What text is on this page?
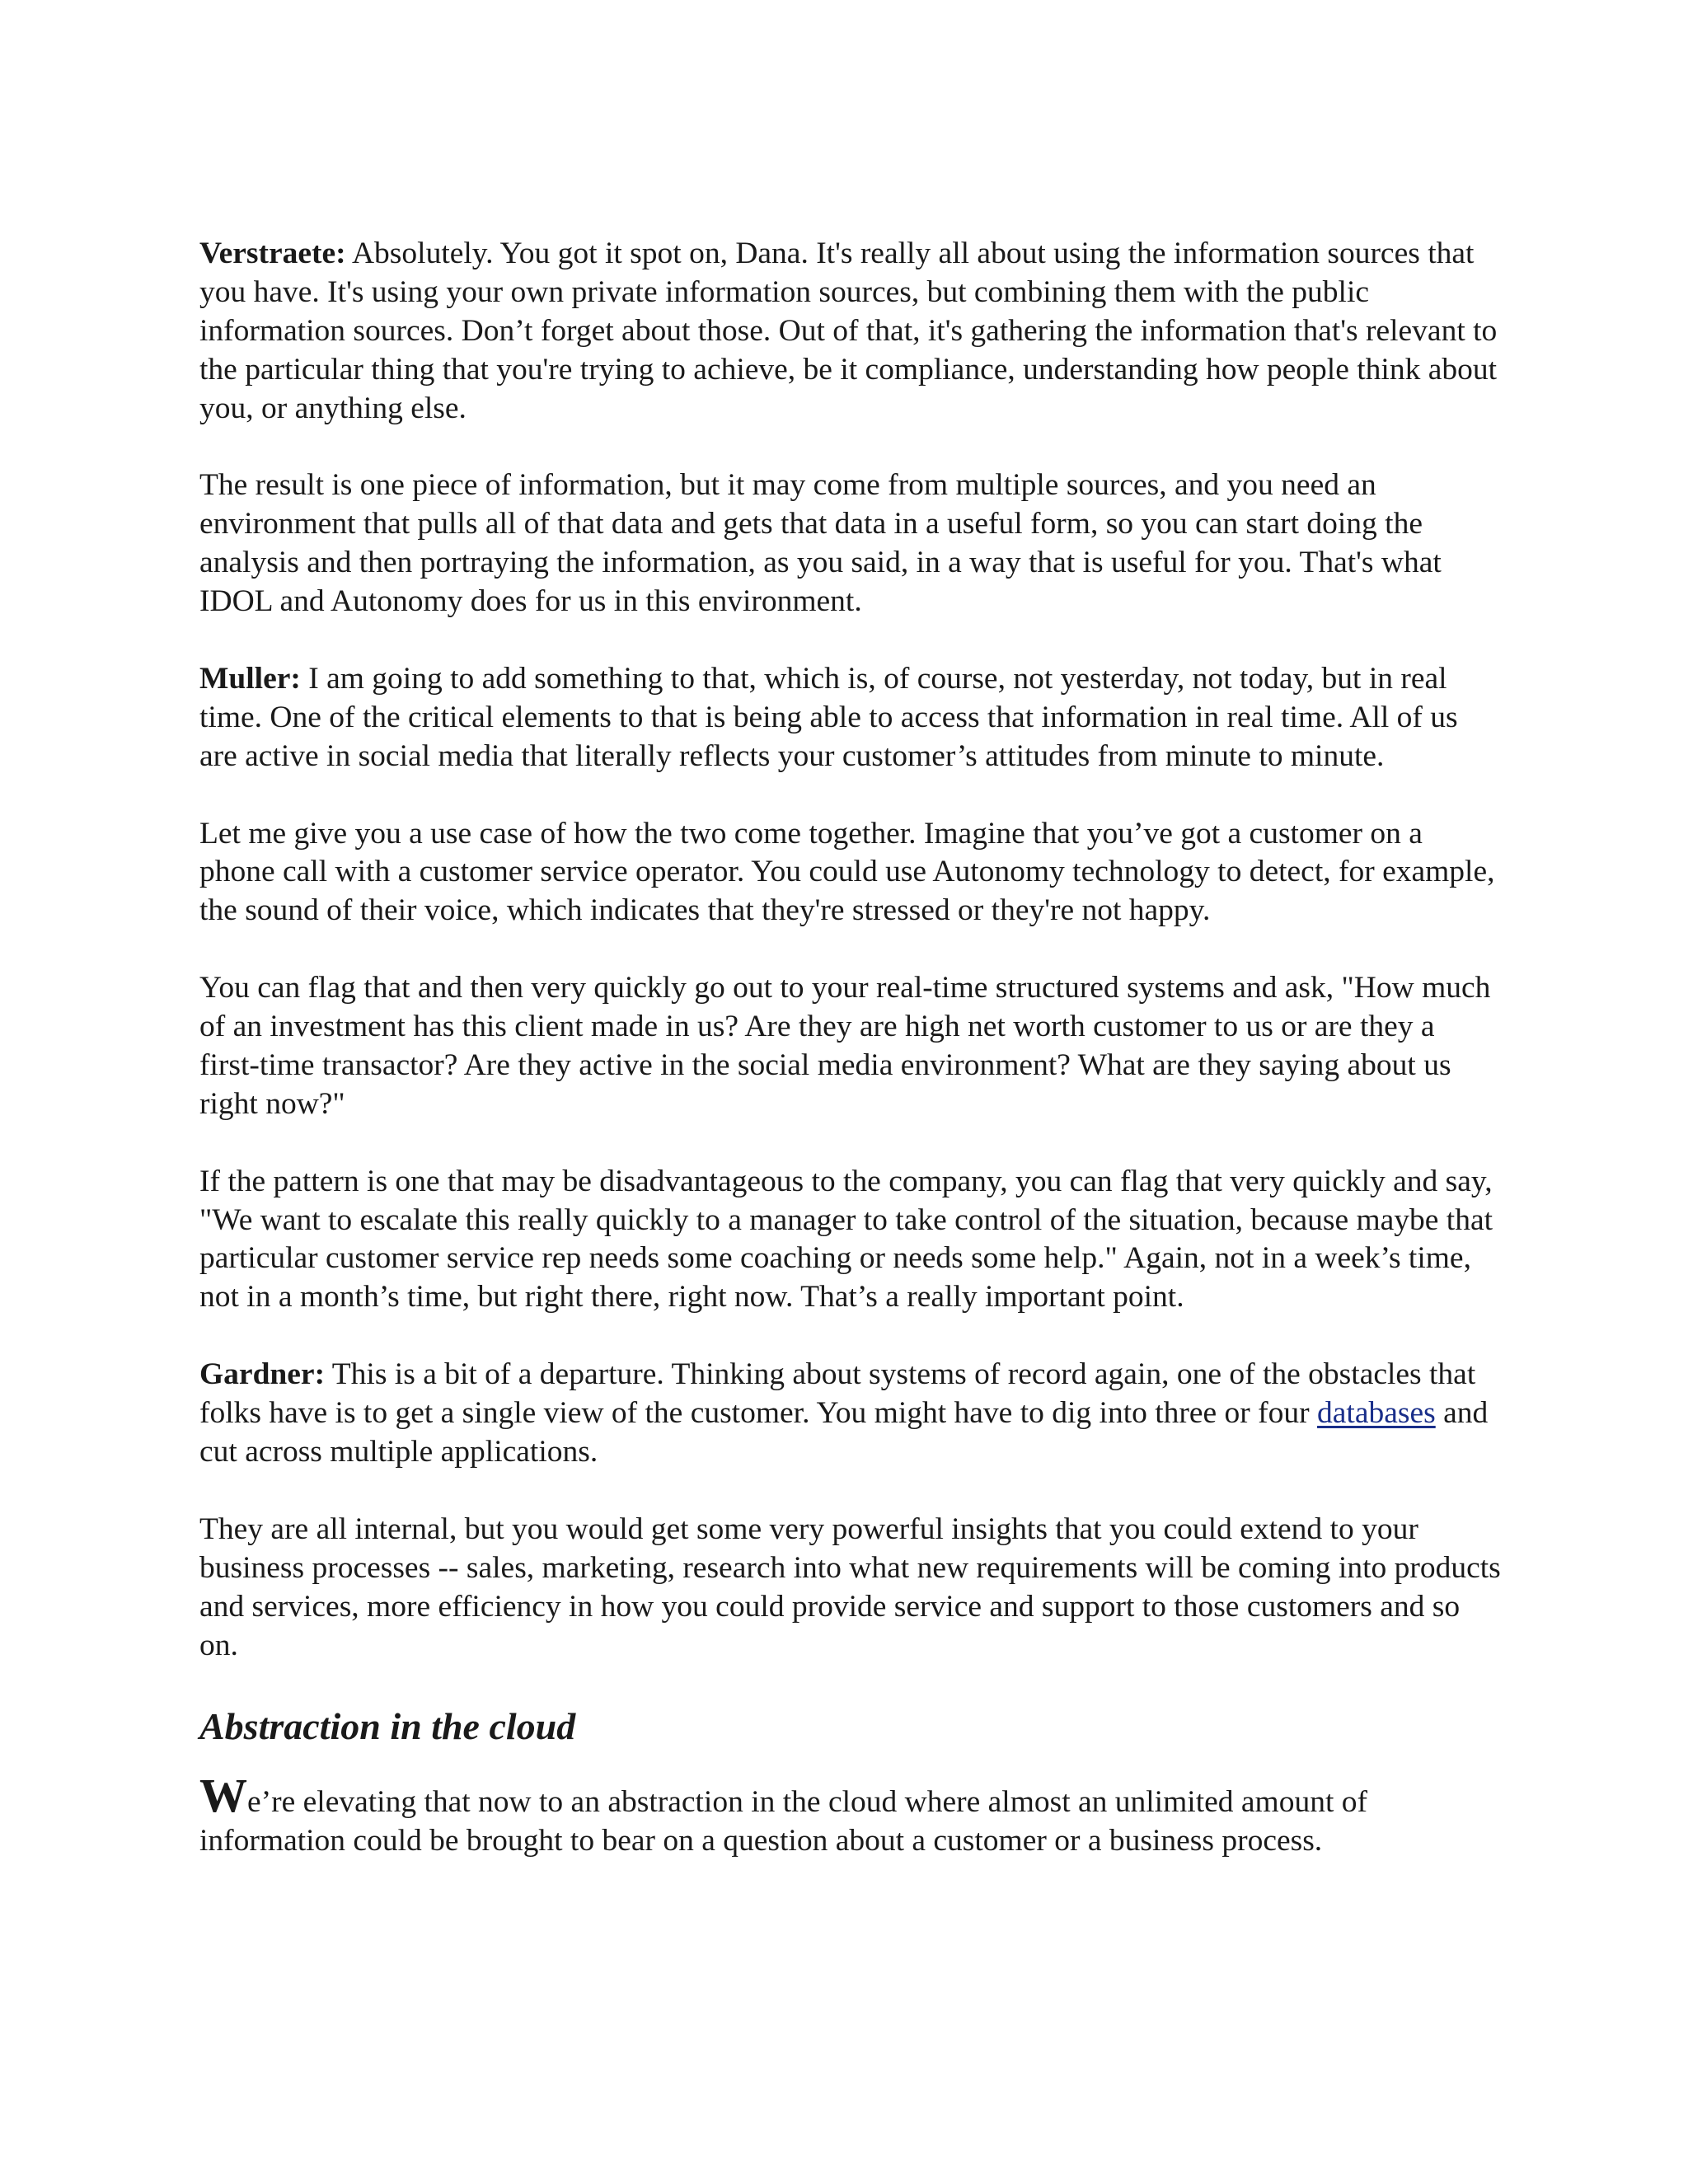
Verstraete: Absolutely. You got it spot on, Dana. It's really all about using the information sources that you have. It's using your own private information sources, but combining them with the public information sources. Don’t forget about those. Out of that, it's gathering the information that's relevant to the particular thing that you're trying to achieve, be it compliance, understanding how people think about you, or anything else.

The result is one piece of information, but it may come from multiple sources, and you need an environment that pulls all of that data and gets that data in a useful form, so you can start doing the analysis and then portraying the information, as you said, in a way that is useful for you. That's what IDOL and Autonomy does for us in this environment.

Muller: I am going to add something to that, which is, of course, not yesterday, not today, but in real time. One of the critical elements to that is being able to access that information in real time. All of us are active in social media that literally reflects your customer’s attitudes from minute to minute.

Let me give you a use case of how the two come together. Imagine that you’ve got a customer on a phone call with a customer service operator. You could use Autonomy technology to detect, for example, the sound of their voice, which indicates that they're stressed or they're not happy.

You can flag that and then very quickly go out to your real-time structured systems and ask, "How much of an investment has this client made in us? Are they are high net worth customer to us or are they a first-time transactor? Are they active in the social media environment? What are they saying about us right now?"

If the pattern is one that may be disadvantageous to the company, you can flag that very quickly and say, "We want to escalate this really quickly to a manager to take control of the situation, because maybe that particular customer service rep needs some coaching or needs some help." Again, not in a week’s time, not in a month’s time, but right there, right now. That’s a really important point.

Gardner: This is a bit of a departure. Thinking about systems of record again, one of the obstacles that folks have is to get a single view of the customer. You might have to dig into three or four databases and cut across multiple applications.

They are all internal, but you would get some very powerful insights that you could extend to your business processes -- sales, marketing, research into what new requirements will be coming into products and services, more efficiency in how you could provide service and support to those customers and so on.

Abstraction in the cloud

We’re elevating that now to an abstraction in the cloud where almost an unlimited amount of information could be brought to bear on a question about a customer or a business process.
